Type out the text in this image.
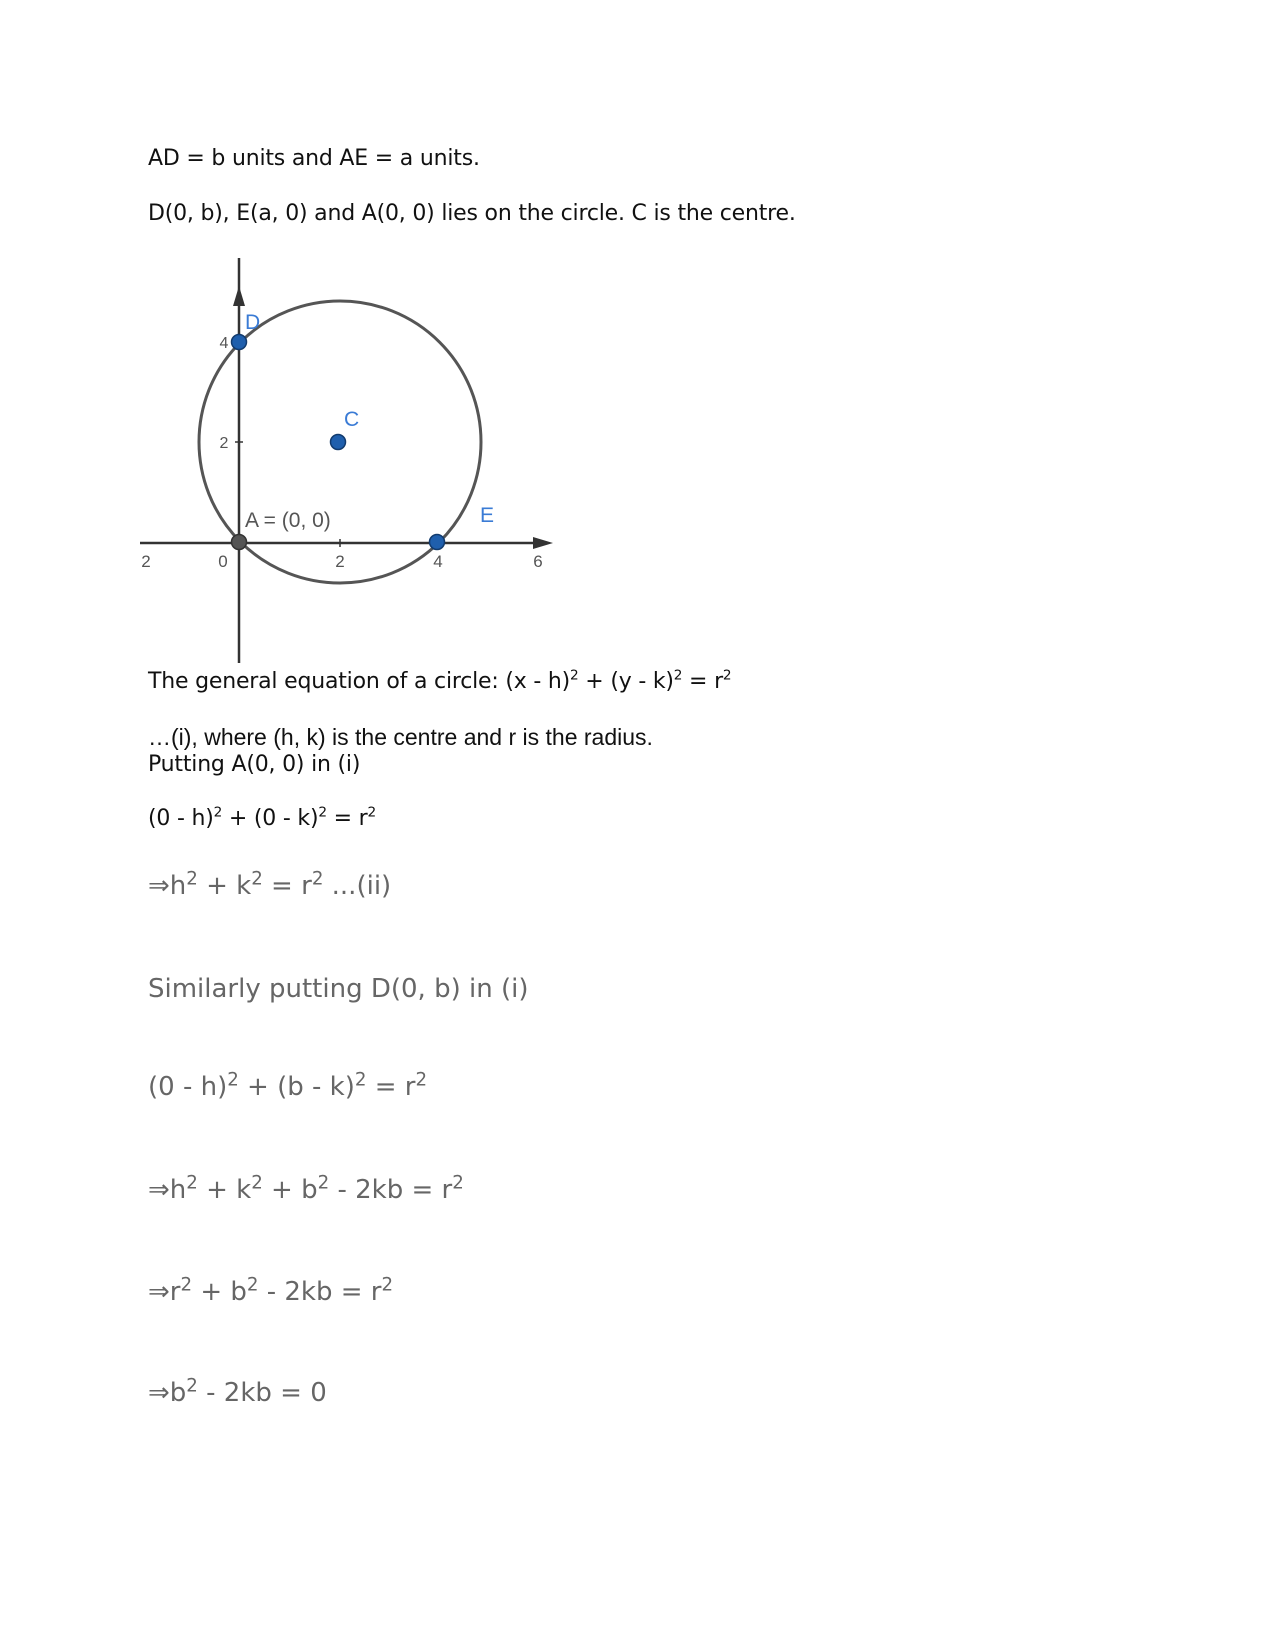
AD = b units and AE = a units.
D(0, b), E(a, 0) and A(0, 0) lies on the circle. C is the centre.
2	0	2	4	6
4
2
D
C
E
A = (0, 0)
The general equation of a circle: $(x - h)^2 + (y - k)^2 = r^2$
…(i), where (h, k) is the centre and r is the radius.
Putting A(0, 0) in (i)
$(0 - h)^2 + (0 - k)^2 = r^2$
$\Rightarrow h^2 + k^2 = r^2$ ...(ii)
Similarly putting D(0, b) in (i)
$(0 - h)^2 + (b - k)^2 = r^2$
$\Rightarrow h^2 + k^2 + b^2 - 2kb = r^2$
$\Rightarrow r^2 + b^2 - 2kb = r^2$
$\Rightarrow b^2 - 2kb = 0$
